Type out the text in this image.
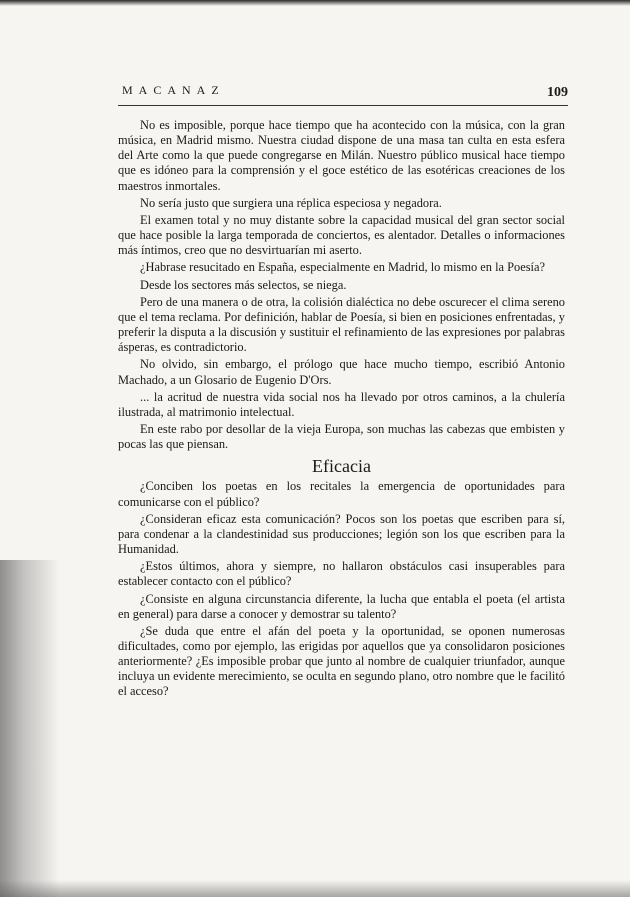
MACANAZ	109

No es imposible, porque hace tiempo que ha acontecido con la música, con la gran música, en Madrid mismo. Nuestra ciudad dispone de una masa tan culta en esta esfera del Arte como la que puede congregarse en Milán. Nuestro público musical hace tiempo que es idóneo para la comprensión y el goce estético de las esotéricas creaciones de los maestros inmortales.

No sería justo que surgiera una réplica especiosa y negadora.

El examen total y no muy distante sobre la capacidad musical del gran sector social que hace posible la larga temporada de conciertos, es alentador. Detalles o informaciones más íntimos, creo que no desvirtuarían mi aserto.

¿Habrase resucitado en España, especialmente en Madrid, lo mismo en la Poesía?

Desde los sectores más selectos, se niega.

Pero de una manera o de otra, la colisión dialéctica no debe oscurecer el clima sereno que el tema reclama. Por definición, hablar de Poesía, si bien en posiciones enfrentadas, y preferir la disputa a la discusión y sustituir el refinamiento de las expresiones por palabras ásperas, es contradictorio.

No olvido, sin embargo, el prólogo que hace mucho tiempo, escribió Antonio Machado, a un Glosario de Eugenio D'Ors.

... la acritud de nuestra vida social nos ha llevado por otros caminos, a la chulería ilustrada, al matrimonio intelectual.

En este rabo por desollar de la vieja Europa, son muchas las cabezas que embisten y pocas las que piensan.

Eficacia

¿Conciben los poetas en los recitales la emergencia de oportunidades para comunicarse con el público?

¿Consideran eficaz esta comunicación? Pocos son los poetas que escriben para sí, para condenar a la clandestinidad sus producciones; legión son los que escriben para la Humanidad.

¿Estos últimos, ahora y siempre, no hallaron obstáculos casi insuperables para establecer contacto con el público?

¿Consiste en alguna circunstancia diferente, la lucha que entabla el poeta (el artista en general) para darse a conocer y demostrar su talento?

¿Se duda que entre el afán del poeta y la oportunidad, se oponen numerosas dificultades, como por ejemplo, las erigidas por aquellos que ya consolidaron posiciones anteriormente? ¿Es imposible probar que junto al nombre de cualquier triunfador, aunque incluya un evidente merecimiento, se oculta en segundo plano, otro nombre que le facilitó el acceso?
